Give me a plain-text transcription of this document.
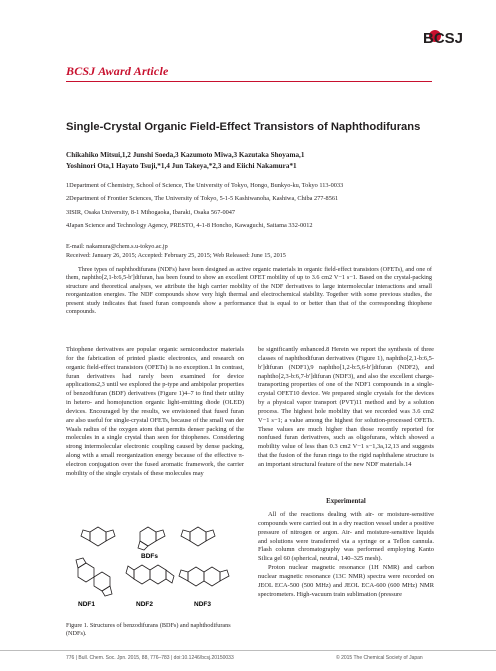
BCSJ
BCSJ Award Article
Single-Crystal Organic Field-Effect Transistors of Naphthodifurans
Chikahiko Mitsui,1,2 Junshi Soeda,3 Kazumoto Miwa,3 Kazutaka Shoyama,1
Yoshinori Ota,1 Hayato Tsuji,*1,4 Jun Takeya,*2,3 and Eiichi Nakamura*1
1Department of Chemistry, School of Science, The University of Tokyo, Hongo, Bunkyo-ku, Tokyo 113-0033
2Department of Frontier Sciences, The University of Tokyo, 5-1-5 Kashiwanoha, Kashiwa, Chiba 277-8561
3ISIR, Osaka University, 8-1 Mihogaoka, Ibaraki, Osaka 567-0047
4Japan Science and Technology Agency, PRESTO, 4-1-8 Honcho, Kawaguchi, Saitama 332-0012
E-mail: nakamura@chem.s.u-tokyo.ac.jp
Received: January 26, 2015; Accepted: February 25, 2015; Web Released: June 15, 2015

Three types of naphthodifurans (NDFs) have been designed as active organic materials in organic field-effect transistors (OFETs), and one of them, naphtho[2,1-b:6,5-b′]difuran, has been found to show an excellent OFET mobility of up to 3.6 cm2 V−1 s−1. Based on the crystal-packing structure and theoretical analyses, we attribute the high carrier mobility of the NDF derivatives to large intermolecular interactions and small reorganization energies. The NDF compounds show very high thermal and electrochemical stability. Together with some previous studies, the present study indicates that fused furan compounds show a performance that is equal to or better than that of the corresponding thiophene compounds.

Thiophene derivatives are popular organic semiconductor materials for the fabrication of printed plastic electronics, and research on organic field-effect transistors (OFETs) is no exception.1 In contrast, furan derivatives had rarely been examined for device applications2,3 until we explored the p-type and ambipolar properties of benzodifuran (BDF) derivatives (Figure 1)4–7 to find their utility in hetero- and homojunction organic light-emitting diode (OLED) devices. Encouraged by the results, we envisioned that fused furan are also useful for single-crystal OFETs, because of the small van der Waals radius of the oxygen atom that permits denser packing of the molecules in a single crystal than seen for thiophenes. Considering strong intermolecular electronic coupling caused by dense packing, along with a small reorganization energy because of the effective π-electron conjugation over the fused aromatic framework, the carrier mobility of the single crystals of these molecules may

BDFs
NDF1	NDF2	NDF3

Figure 1. Structures of benzodifurans (BDFs) and naphthodifurans (NDFs).

be significantly enhanced.8 Herein we report the synthesis of three classes of naphthodifuran derivatives (Figure 1), naphtho[2,1-b:6,5-b′]difuran (NDF1),9 naphtho[1,2-b:5,6-b′]difuran (NDF2), and naphtho[2,3-b:6,7-b′]difuran (NDF3), and also the excellent charge-transporting properties of one of the NDF1 compounds in a single-crystal OFET10 device. We prepared single crystals for the devices by a physical vapor transport (PVT)11 method and by a solution process. The highest hole mobility that we recorded was 3.6 cm2 V−1 s−1; a value among the highest for solution-processed OFETs. These values are much higher than those recently reported for nonfused furan derivatives, such as oligofurans, which showed a mobility value of less than 0.3 cm2 V−1 s−1,3a,12,13 and suggests that the fusion of the furan rings to the rigid naphthalene structure is an important structural feature of the new NDF materials.14

Experimental

All of the reactions dealing with air- or moisture-sensitive compounds were carried out in a dry reaction vessel under a positive pressure of nitrogen or argon. Air- and moisture-sensitive liquids and solutions were transferred via a syringe or a Teflon cannula. Flash column chromatography was performed employing Kanto Silica gel 60 (spherical, neutral, 140–325 mesh).

Proton nuclear magnetic resonance (1H NMR) and carbon nuclear magnetic resonance (13C NMR) spectra were recorded on JEOL ECA-500 (500 MHz) and JEOL ECA-600 (600 MHz) NMR spectrometers. High-vacuum train sublimation (pressure

776 | Bull. Chem. Soc. Jpn. 2015, 88, 776–783 | doi:10.1246/bcsj.20150033	© 2015 The Chemical Society of Japan
